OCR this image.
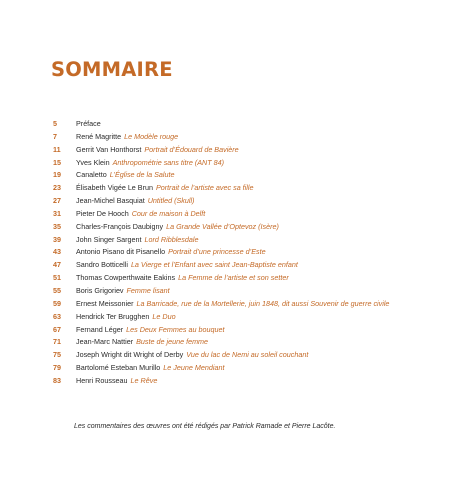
SOMMAIRE
5	Préface
7	René Magritte Le Modèle rouge
11	Gerrit Van Honthorst Portrait d’Édouard de Bavière
15	Yves Klein Anthropométrie sans titre (ANT 84)
19	Canaletto L’Église de la Salute
23	Élisabeth Vigée Le Brun Portrait de l’artiste avec sa fille
27	Jean-Michel Basquiat Untitled (Skull)
31	Pieter De Hooch Cour de maison à Delft
35	Charles-François Daubigny La Grande Vallée d’Optevoz (Isère)
39	John Singer Sargent Lord Ribblesdale
43	Antonio Pisano dit Pisanello Portrait d’une princesse d’Este
47	Sandro Botticelli La Vierge et l’Enfant avec saint Jean-Baptiste enfant
51	Thomas Cowperthwaite Eakins La Femme de l’artiste et son setter
55	Boris Grigoriev Femme lisant
59	Ernest Meissonier La Barricade, rue de la Mortellerie, juin 1848, dit aussi Souvenir de guerre civile
63	Hendrick Ter Brugghen Le Duo
67	Fernand Léger Les Deux Femmes au bouquet
71	Jean-Marc Nattier Buste de jeune femme
75	Joseph Wright dit Wright of Derby Vue du lac de Nemi au soleil couchant
79	Bartolomé Esteban Murillo Le Jeune Mendiant
83	Henri Rousseau Le Rêve

Les commentaires des œuvres ont été rédigés par Patrick Ramade et Pierre Lacôte.
